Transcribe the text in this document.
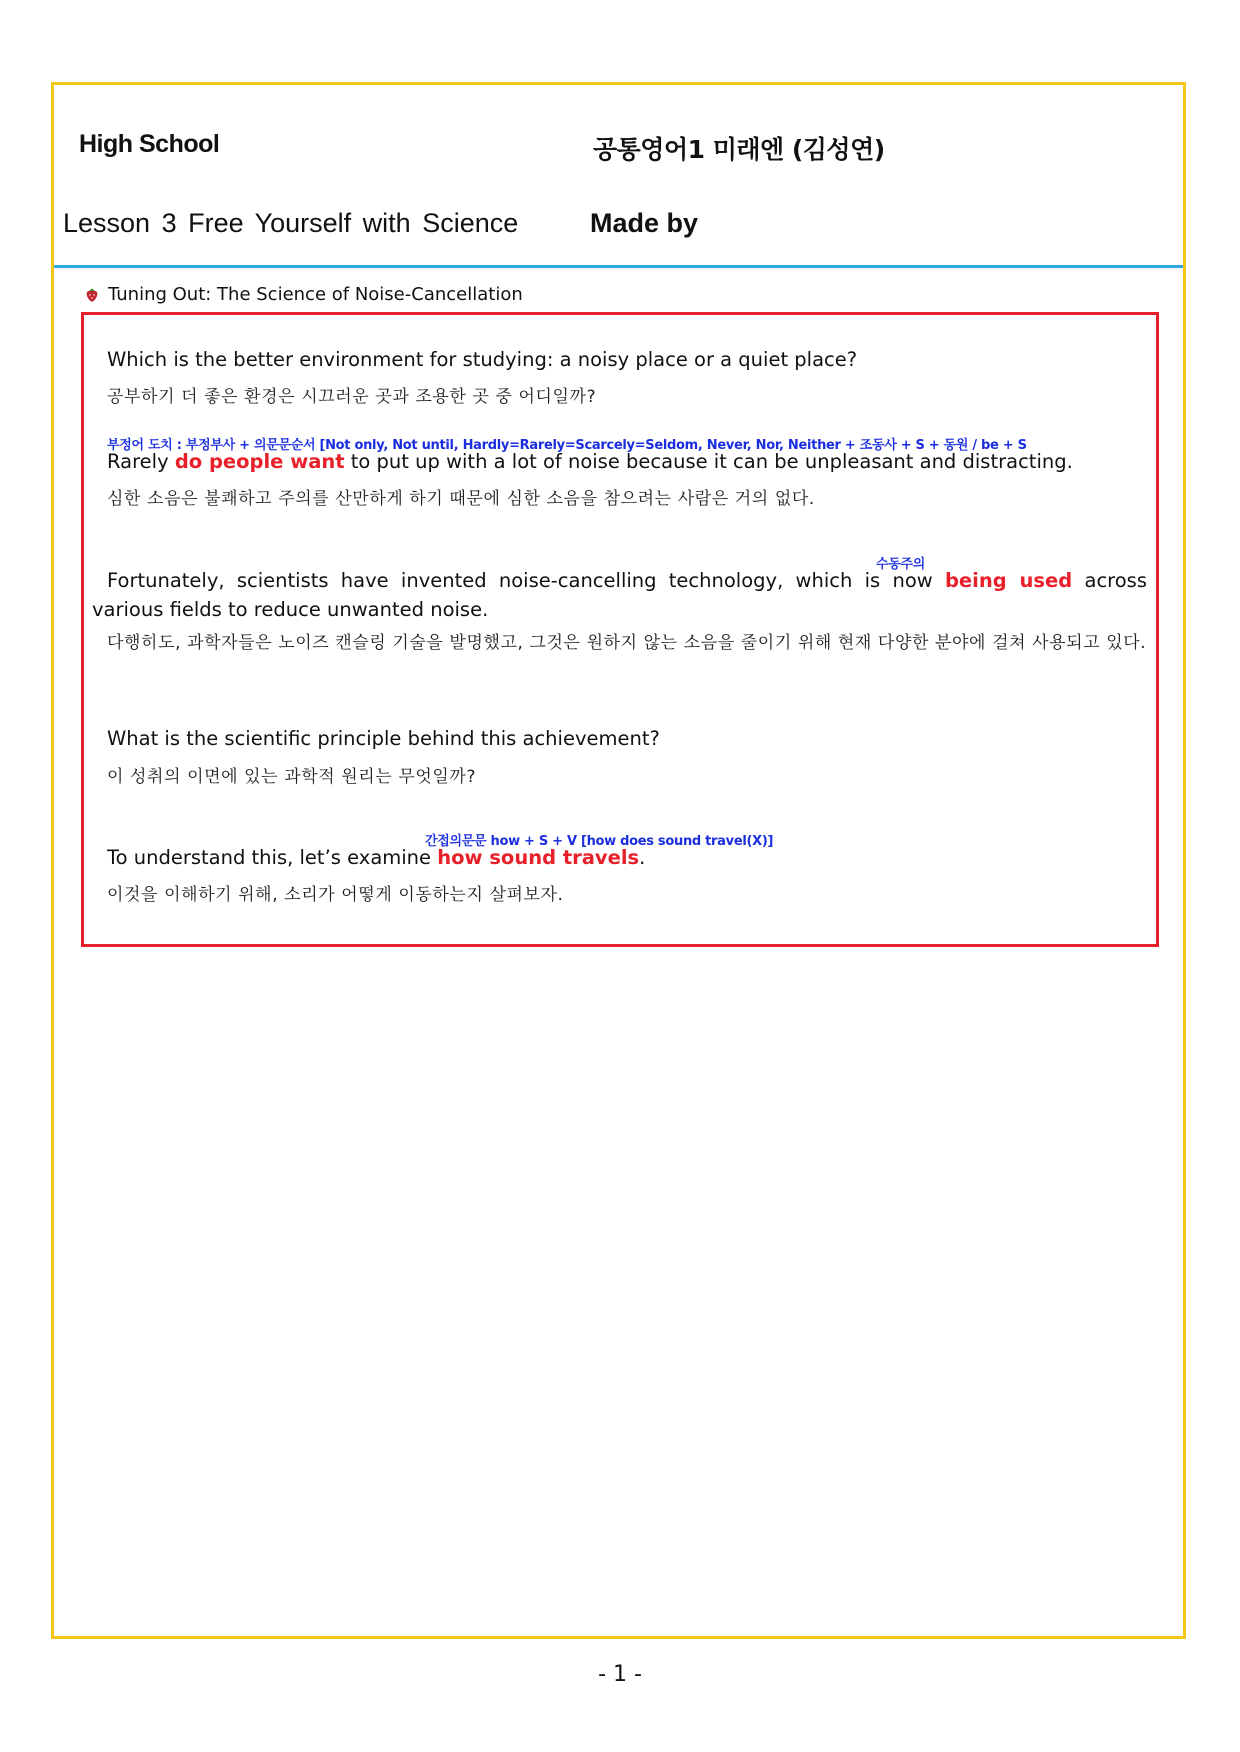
High School	공통영어1 미래엔 (김성연)
Lesson 3 Free Yourself with Science	Made by
Tuning Out: The Science of Noise-Cancellation
Which is the better environment for studying: a noisy place or a quiet place?
공부하기 더 좋은 환경은 시끄러운 곳과 조용한 곳 중 어디일까?
부정어 도치 : 부정부사 + 의문문순서 [Not only, Not until, Hardly=Rarely=Scarcely=Seldom, Never, Nor, Neither + 조동사 + S + 동원 / be + S
Rarely do people want to put up with a lot of noise because it can be unpleasant and distracting.
심한 소음은 불쾌하고 주의를 산만하게 하기 때문에 심한 소음을 참으려는 사람은 거의 없다.
수동주의
Fortunately, scientists have invented noise-cancelling technology, which is now being used across various fields to reduce unwanted noise.
다행히도, 과학자들은 노이즈 캔슬링 기술을 발명했고, 그것은 원하지 않는 소음을 줄이기 위해 현재 다양한 분야에 걸쳐 사용되고 있다.
What is the scientific principle behind this achievement?
이 성취의 이면에 있는 과학적 원리는 무엇일까?
간접의문문 how + S + V [how does sound travel(X)]
To understand this, let’s examine how sound travels.
이것을 이해하기 위해, 소리가 어떻게 이동하는지 살펴보자.
- 1 -
